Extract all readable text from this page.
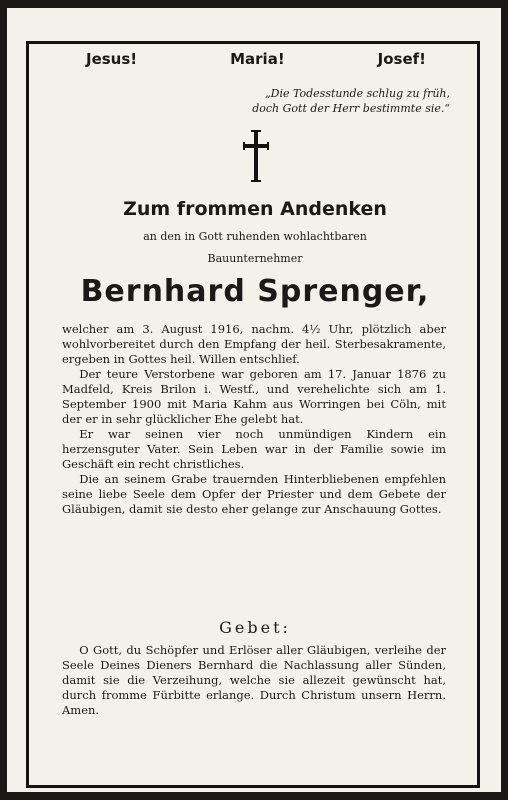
Jesus!	Maria!	Josef!
„Die Todesstunde schlug zu früh,
doch Gott der Herr bestimmte sie.“
Zum frommen Andenken
an den in Gott ruhenden wohlachtbaren
Bauunternehmer
Bernhard Sprenger,

welcher am 3. August 1916, nachm. 4½ Uhr, plötzlich aber wohlvorbereitet durch den Empfang der heil. Sterbesakramente, ergeben in Gottes heil. Willen entschlief.

Der teure Verstorbene war geboren am 17. Januar 1876 zu Madfeld, Kreis Brilon i. Westf., und verehelichte sich am 1. September 1900 mit Maria Kahm aus Worringen bei Cöln, mit der er in sehr glücklicher Ehe gelebt hat.

Er war seinen vier noch unmündigen Kindern ein herzensguter Vater. Sein Leben war in der Familie sowie im Geschäft ein recht christliches.

Die an seinem Grabe trauernden Hinterbliebenen empfehlen seine liebe Seele dem Opfer der Priester und dem Gebete der Gläubigen, damit sie desto eher gelange zur Anschauung Gottes.

Gebet:

O Gott, du Schöpfer und Erlöser aller Gläubigen, verleihe der Seele Deines Dieners Bernhard die Nachlassung aller Sünden, damit sie die Verzeihung, welche sie allezeit gewünscht hat, durch fromme Fürbitte erlange. Durch Christum unsern Herrn. Amen.
